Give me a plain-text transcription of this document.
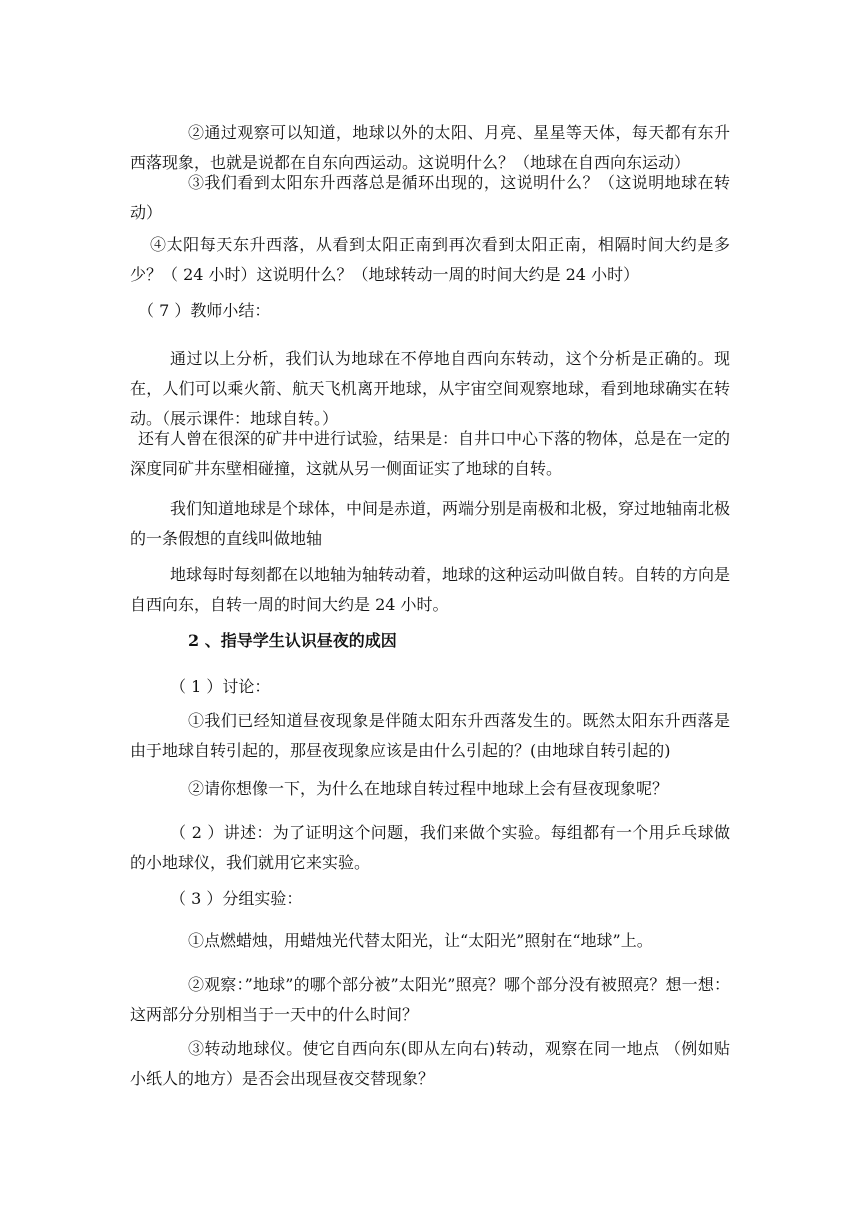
②通过观察可以知道，地球以外的太阳、月亮、星星等天体，每天都有东升西落现象，也就是说都在自东向西运动。这说明什么？（地球在自西向东运动）

③我们看到太阳东升西落总是循环出现的，这说明什么？（这说明地球在转动）

④太阳每天东升西落，从看到太阳正南到再次看到太阳正南，相隔时间大约是多少？（ 24 小时）这说明什么？（地球转动一周的时间大约是 24 小时）

（ 7 ）教师小结：

通过以上分析，我们认为地球在不停地自西向东转动，这个分析是正确的。现在，人们可以乘火箭、航天飞机离开地球，从宇宙空间观察地球，看到地球确实在转动。（展示课件：地球自转。）

还有人曾在很深的矿井中进行试验，结果是：自井口中心下落的物体，总是在一定的深度同矿井东壁相碰撞，这就从另一侧面证实了地球的自转。

我们知道地球是个球体，中间是赤道，两端分别是南极和北极，穿过地轴南北极的一条假想的直线叫做地轴

地球每时每刻都在以地轴为轴转动着，地球的这种运动叫做自转。自转的方向是自西向东，自转一周的时间大约是 24 小时。

2 、指导学生认识昼夜的成因

（ 1 ）讨论：

①我们已经知道昼夜现象是伴随太阳东升西落发生的。既然太阳东升西落是由于地球自转引起的，那昼夜现象应该是由什么引起的？(由地球自转引起的)

②请你想像一下，为什么在地球自转过程中地球上会有昼夜现象呢？

（ 2 ）讲述：为了证明这个问题，我们来做个实验。每组都有一个用乒乓球做的小地球仪，我们就用它来实验。

（ 3 ）分组实验：

①点燃蜡烛，用蜡烛光代替太阳光，让“太阳光”照射在“地球”上。

②观察：”地球”的哪个部分被”太阳光”照亮？哪个部分没有被照亮？想一想：这两部分分别相当于一天中的什么时间？

③转动地球仪。使它自西向东(即从左向右)转动，观察在同一地点 （例如贴小纸人的地方）是否会出现昼夜交替现象？
